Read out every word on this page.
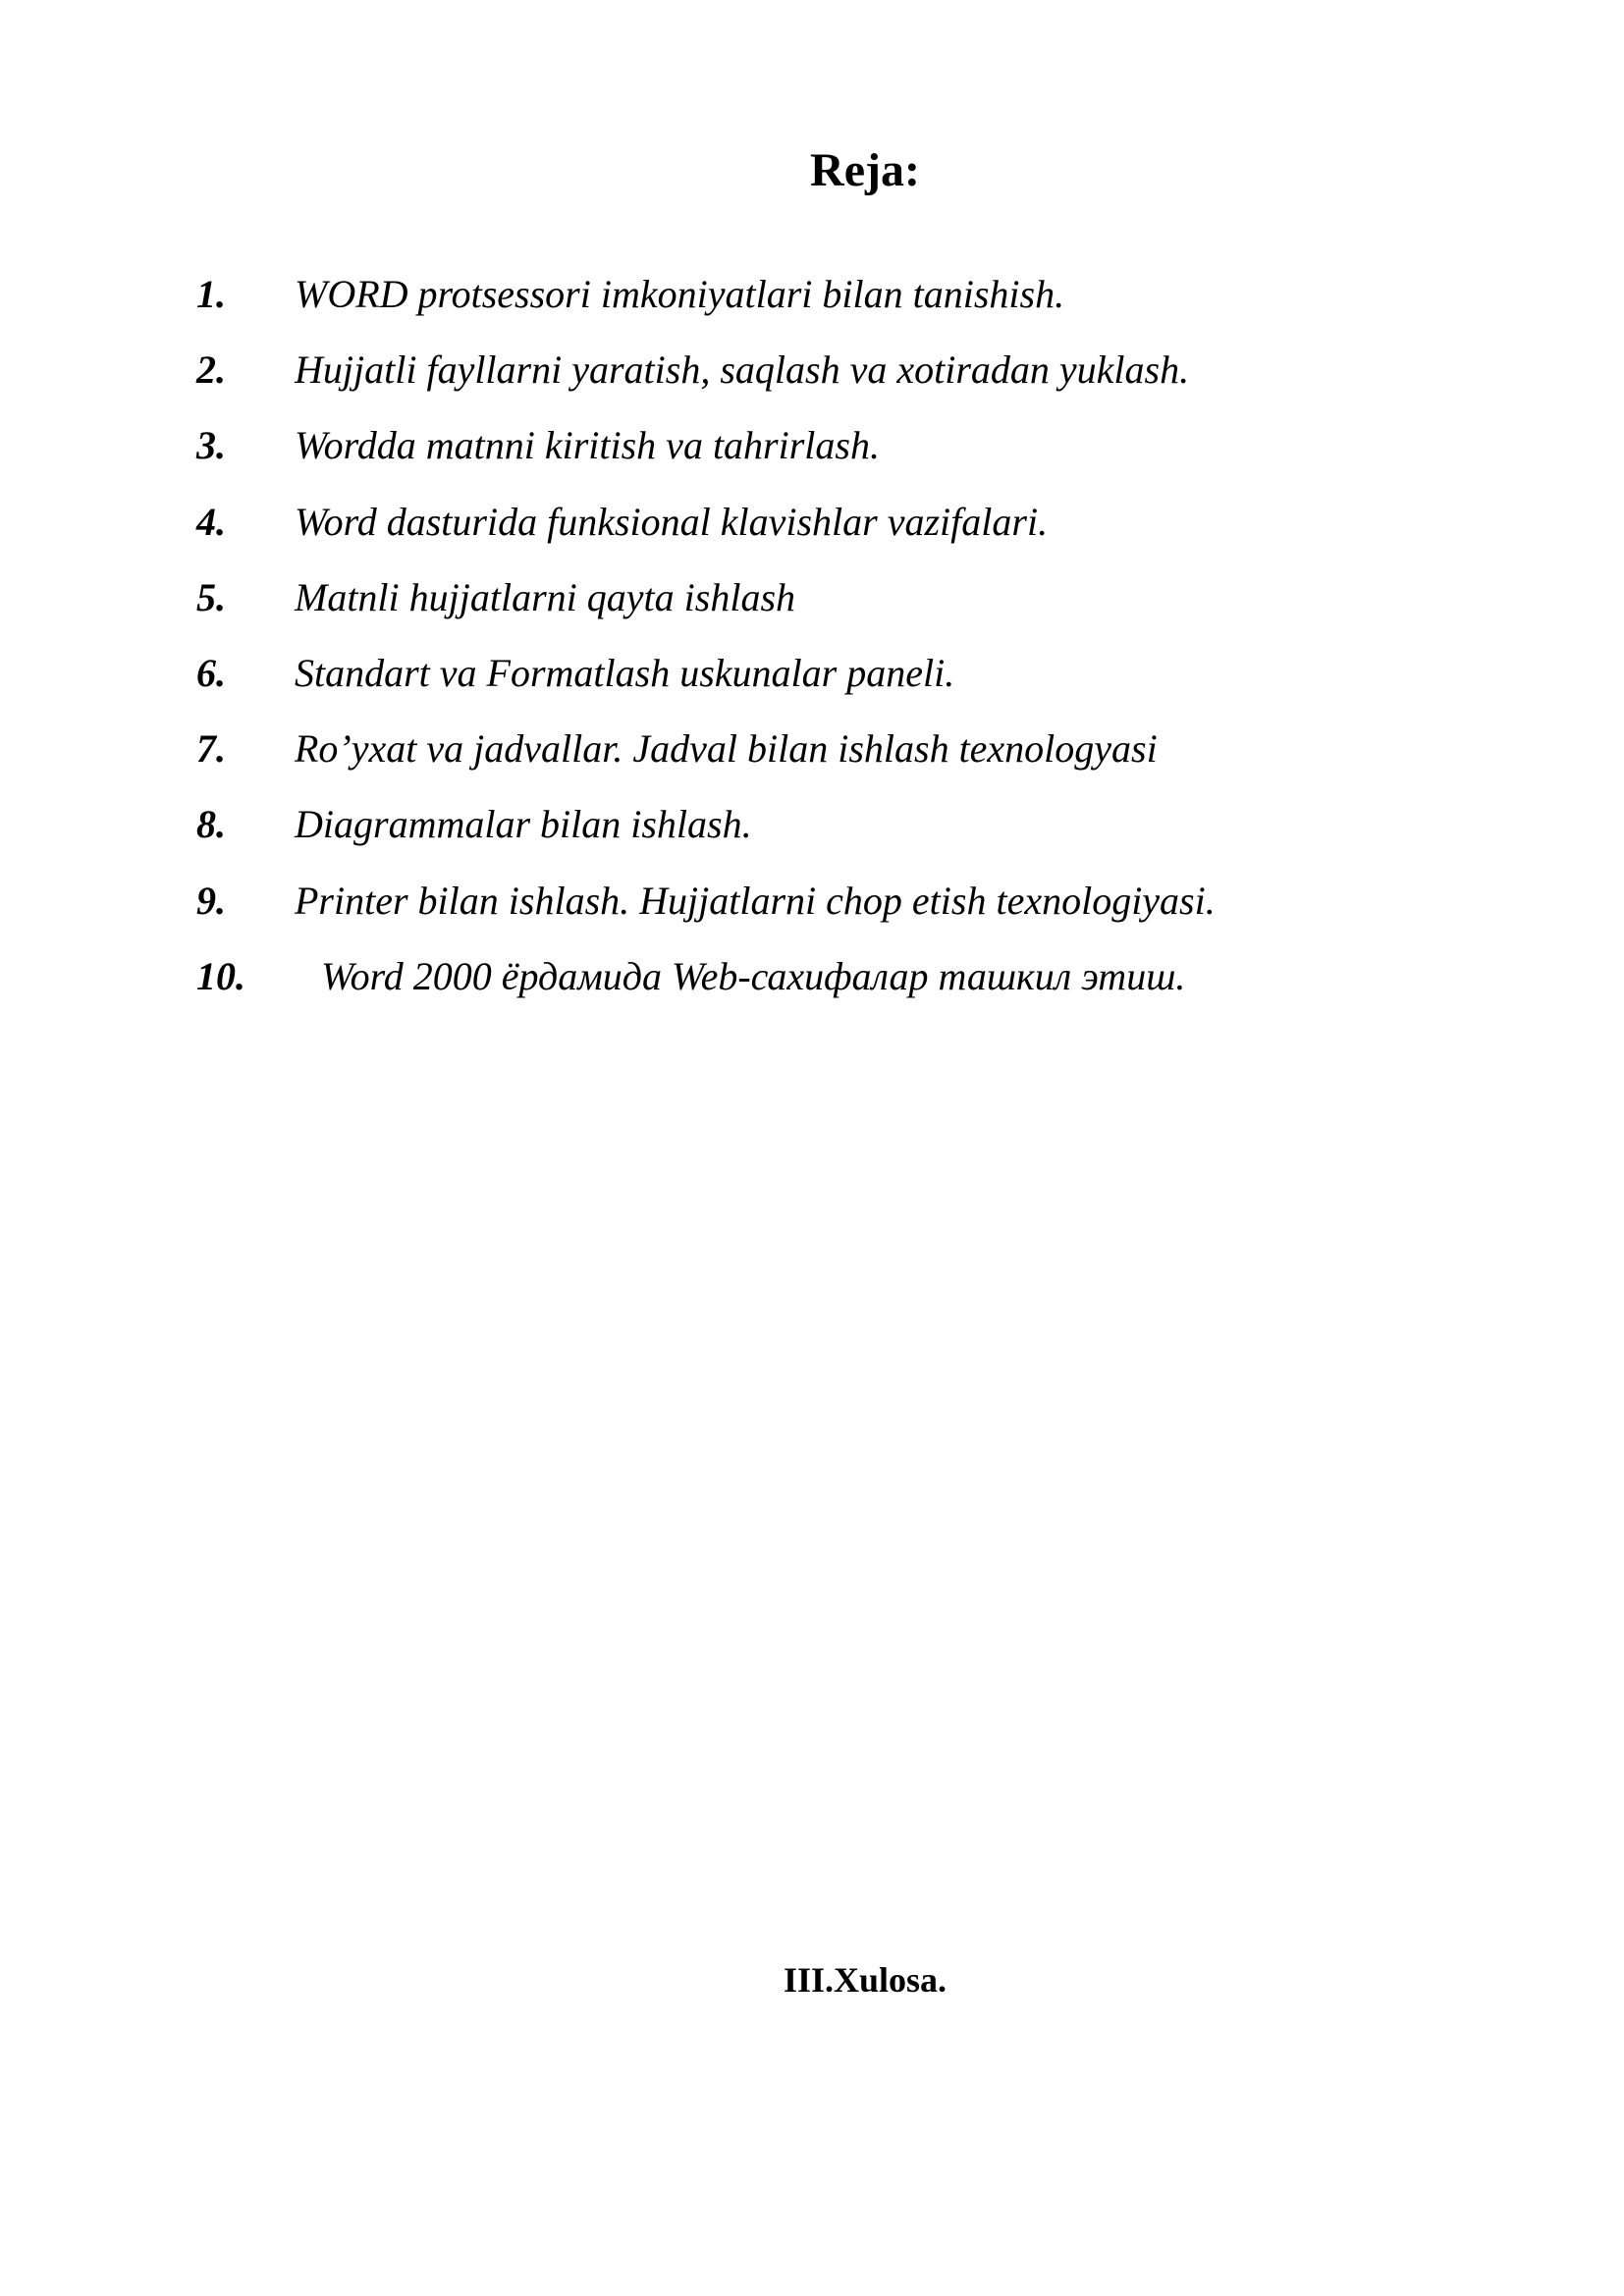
Reja:
1. WORD protsessori imkoniyatlari bilan tanishish.
2. Hujjatli fayllarni yaratish, saqlash va xotiradan yuklash.
3. Wordda matnni kiritish va tahrirlash.
4. Word dasturida funksional klavishlar vazifalari.
5. Matnli hujjatlarni qayta ishlash
6. Standart va Formatlash uskunalar paneli.
7. Ro’yxat va jadvallar. Jadval bilan ishlash texnologyasi
8. Diagrammalar bilan ishlash.
9. Printer bilan ishlash. Hujjatlarni chop etish texnologiyasi.
10. Word 2000 ёрдамида Web-сахифалар ташкил этиш.
III.Xulosa.
